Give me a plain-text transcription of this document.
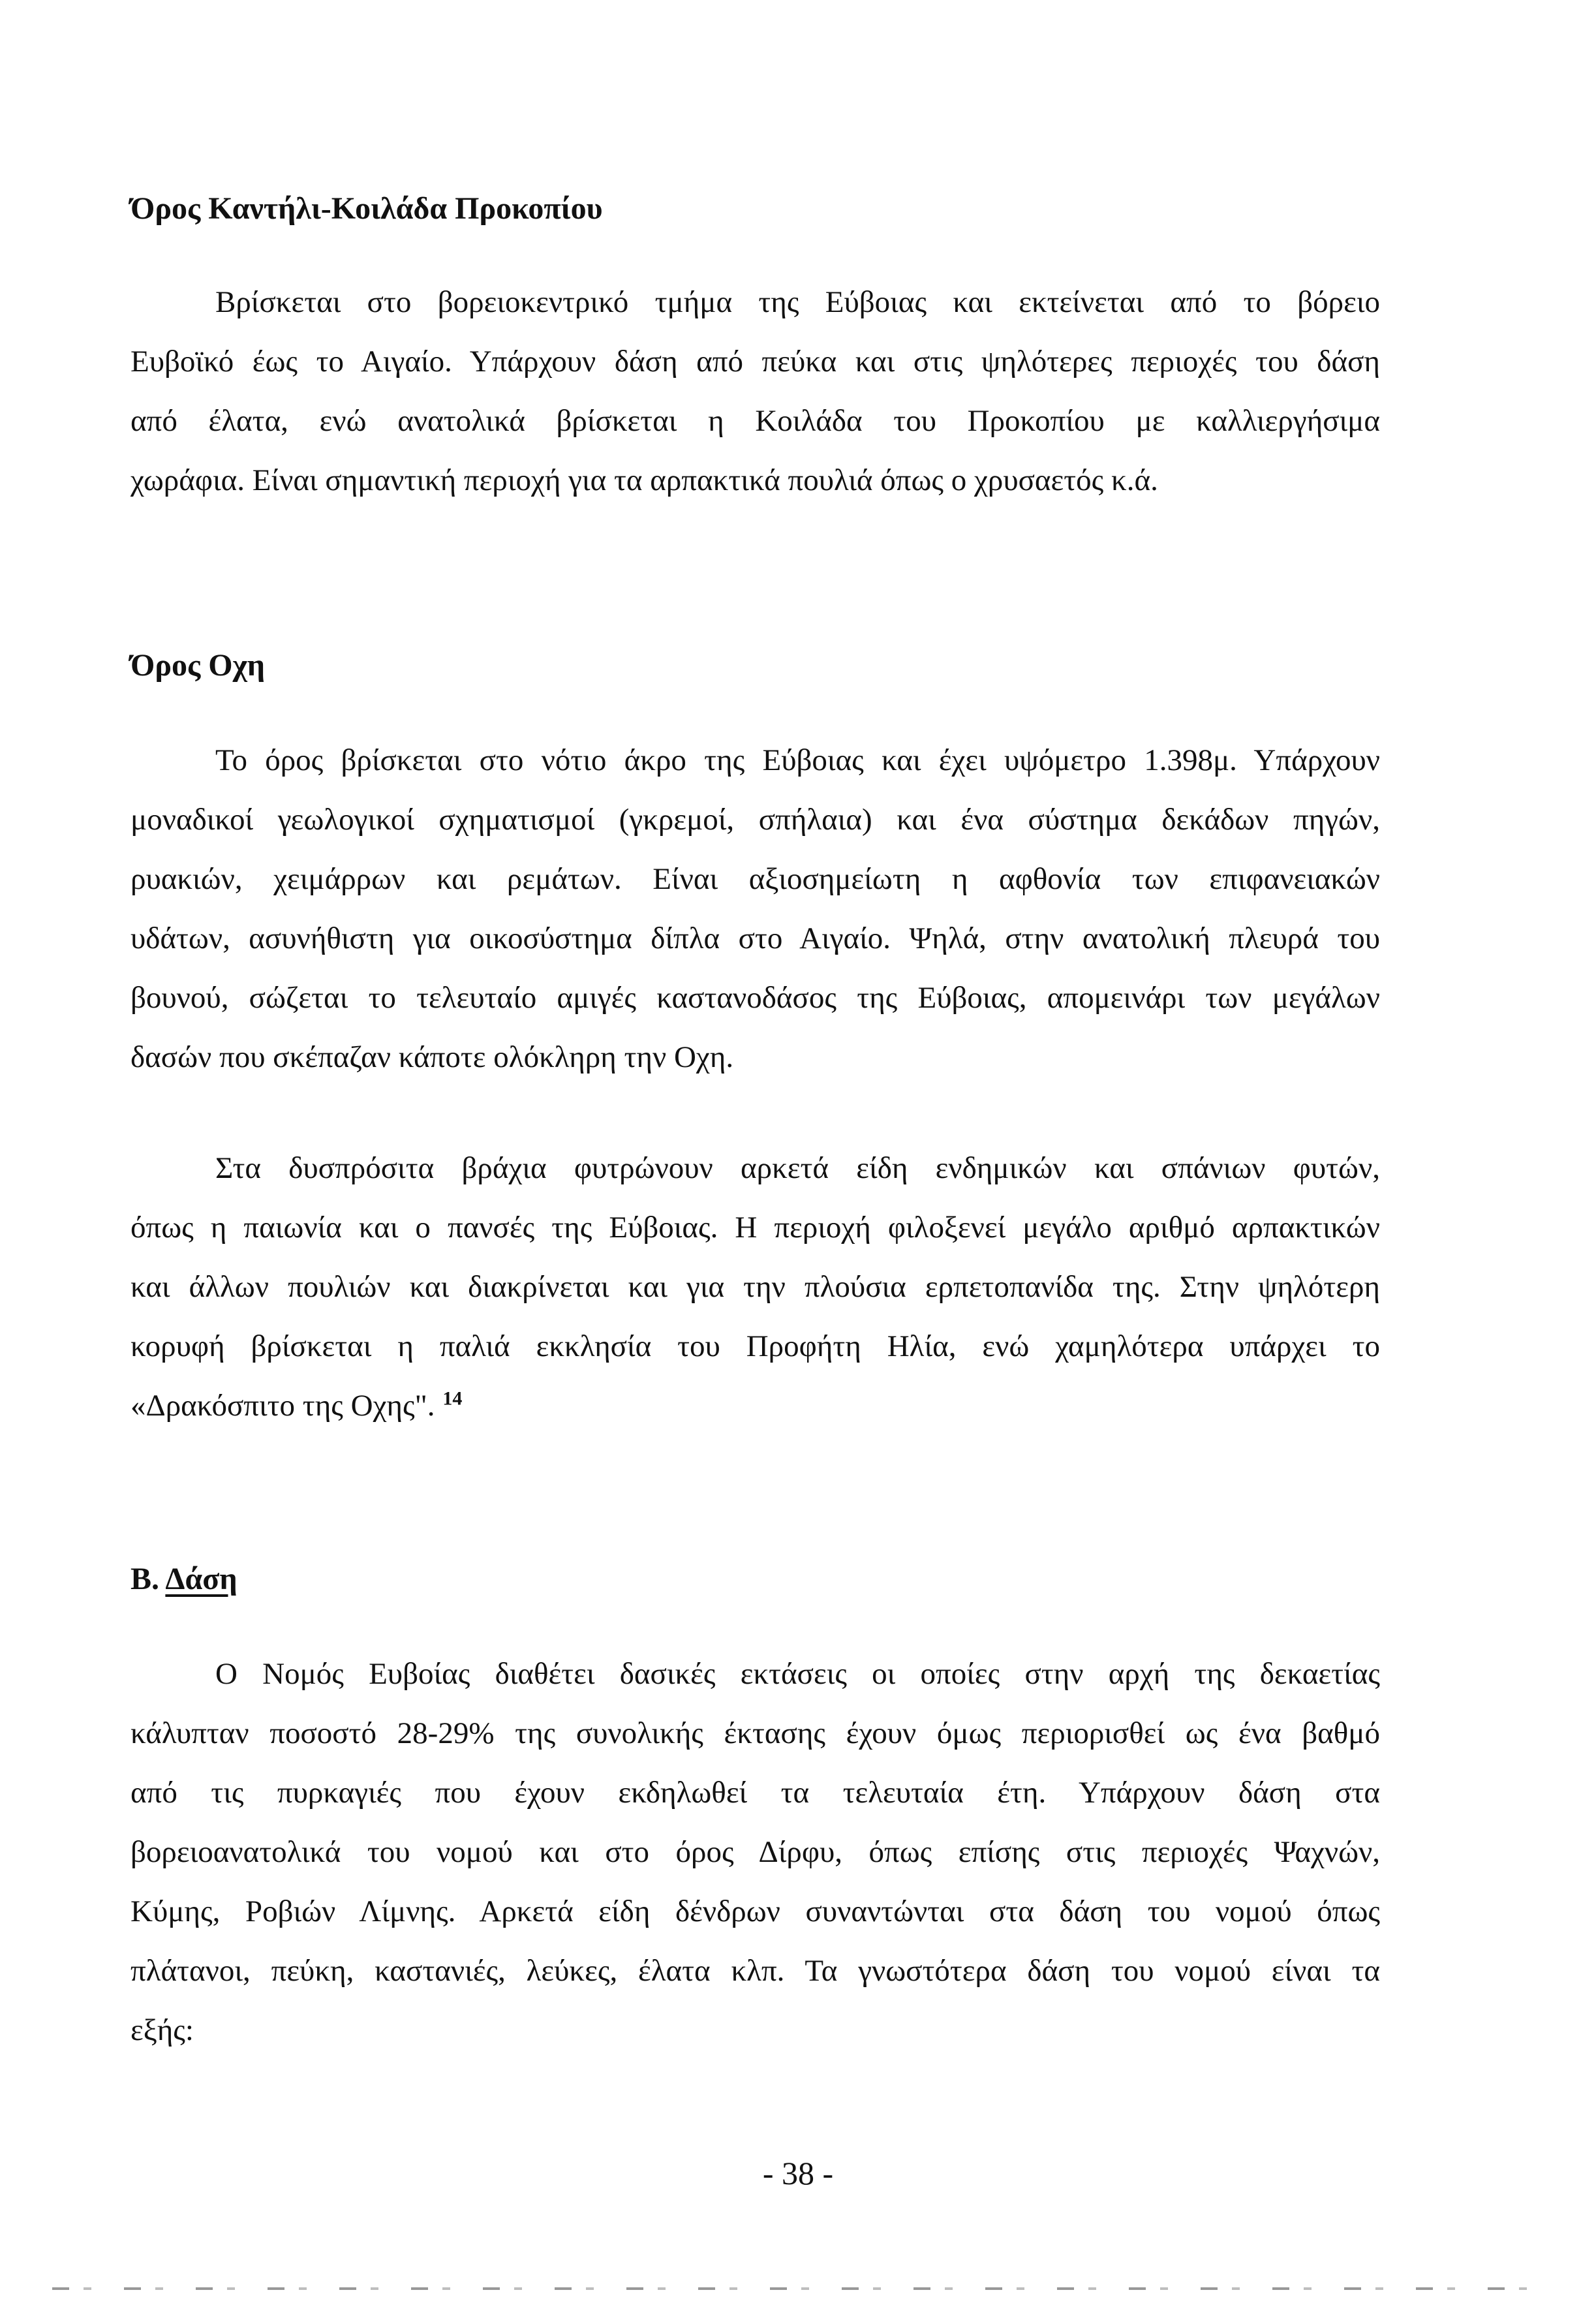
Όρος Καντήλι-Κοιλάδα Προκοπίου
Βρίσκεται στο βορειοκεντρικό τμήμα της Εύβοιας και εκτείνεται από το βόρειο
Ευβοϊκό έως το Αιγαίο. Υπάρχουν δάση από πεύκα και στις ψηλότερες περιοχές του δάση
από έλατα, ενώ ανατολικά βρίσκεται η Κοιλάδα του Προκοπίου με καλλιεργήσιμα
χωράφια. Είναι σημαντική περιοχή για τα αρπακτικά πουλιά όπως ο χρυσαετός κ.ά.
Όρος Οχη
Το όρος βρίσκεται στο νότιο άκρο της Εύβοιας και έχει υψόμετρο 1.398μ. Υπάρχουν
μοναδικοί γεωλογικοί σχηματισμοί (γκρεμοί, σπήλαια) και ένα σύστημα δεκάδων πηγών,
ρυακιών, χειμάρρων και ρεμάτων. Είναι αξιοσημείωτη η αφθονία των επιφανειακών
υδάτων, ασυνήθιστη για οικοσύστημα δίπλα στο Αιγαίο. Ψηλά, στην ανατολική πλευρά του
βουνού, σώζεται το τελευταίο αμιγές καστανοδάσος της Εύβοιας, απομεινάρι των μεγάλων
δασών που σκέπαζαν κάποτε ολόκληρη την Οχη.
Στα δυσπρόσιτα βράχια φυτρώνουν αρκετά είδη ενδημικών και σπάνιων φυτών,
όπως η παιωνία και ο πανσές της Εύβοιας. Η περιοχή φιλοξενεί μεγάλο αριθμό αρπακτικών
και άλλων πουλιών και διακρίνεται και για την πλούσια ερπετοπανίδα της. Στην ψηλότερη
κορυφή βρίσκεται η παλιά εκκλησία του Προφήτη Ηλία, ενώ χαμηλότερα υπάρχει το
«Δρακόσπιτο της Οχης". $^{14}$
Β. Δάση
Ο Νομός Ευβοίας διαθέτει δασικές εκτάσεις οι οποίες στην αρχή της δεκαετίας
κάλυπταν ποσοστό 28-29% της συνολικής έκτασης έχουν όμως περιορισθεί ως ένα βαθμό
από τις πυρκαγιές που έχουν εκδηλωθεί τα τελευταία έτη. Υπάρχουν δάση στα
βορειοανατολικά του νομού και στο όρος Δίρφυ, όπως επίσης στις περιοχές Ψαχνών,
Κύμης, Ροβιών Λίμνης. Αρκετά είδη δένδρων συναντώνται στα δάση του νομού όπως
πλάτανοι, πεύκη, καστανιές, λεύκες, έλατα κλπ. Τα γνωστότερα δάση του νομού είναι τα
εξής:
- 38 -
